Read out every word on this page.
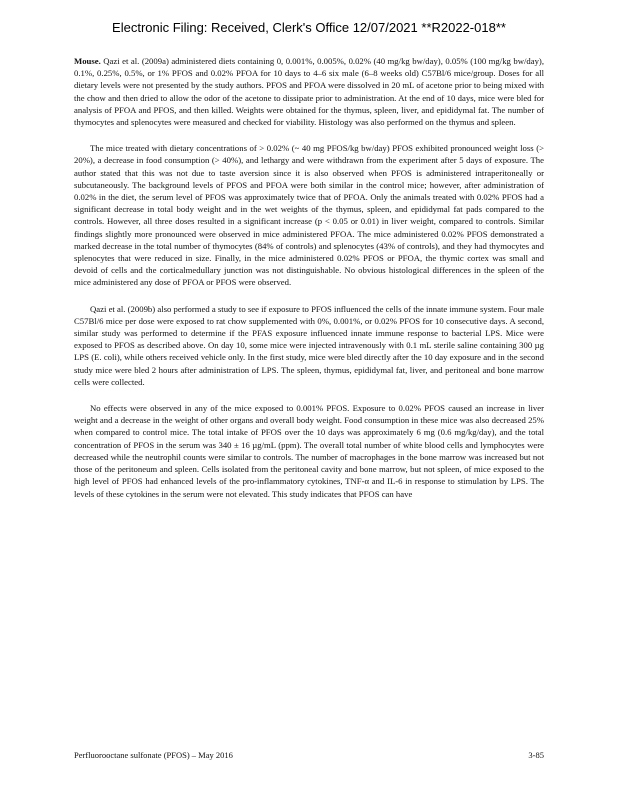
Electronic Filing: Received, Clerk's Office 12/07/2021 **R2022-018**

Mouse. Qazi et al. (2009a) administered diets containing 0, 0.001%, 0.005%, 0.02% (40 mg/kg bw/day), 0.05% (100 mg/kg bw/day), 0.1%, 0.25%, 0.5%, or 1% PFOS and 0.02% PFOA for 10 days to 4–6 six male (6–8 weeks old) C57Bl/6 mice/group. Doses for all dietary levels were not presented by the study authors. PFOS and PFOA were dissolved in 20 mL of acetone prior to being mixed with the chow and then dried to allow the odor of the acetone to dissipate prior to administration. At the end of 10 days, mice were bled for analysis of PFOA and PFOS, and then killed. Weights were obtained for the thymus, spleen, liver, and epididymal fat. The number of thymocytes and splenocytes were measured and checked for viability. Histology was also performed on the thymus and spleen.

The mice treated with dietary concentrations of > 0.02% (~ 40 mg PFOS/kg bw/day) PFOS exhibited pronounced weight loss (> 20%), a decrease in food consumption (> 40%), and lethargy and were withdrawn from the experiment after 5 days of exposure. The author stated that this was not due to taste aversion since it is also observed when PFOS is administered intraperitoneally or subcutaneously. The background levels of PFOS and PFOA were both similar in the control mice; however, after administration of 0.02% in the diet, the serum level of PFOS was approximately twice that of PFOA. Only the animals treated with 0.02% PFOS had a significant decrease in total body weight and in the wet weights of the thymus, spleen, and epididymal fat pads compared to the controls. However, all three doses resulted in a significant increase (p < 0.05 or 0.01) in liver weight, compared to controls. Similar findings slightly more pronounced were observed in mice administered PFOA. The mice administered 0.02% PFOS demonstrated a marked decrease in the total number of thymocytes (84% of controls) and splenocytes (43% of controls), and they had thymocytes and splenocytes that were reduced in size. Finally, in the mice administered 0.02% PFOS or PFOA, the thymic cortex was small and devoid of cells and the corticalmedullary junction was not distinguishable. No obvious histological differences in the spleen of the mice administered any dose of PFOA or PFOS were observed.

Qazi et al. (2009b) also performed a study to see if exposure to PFOS influenced the cells of the innate immune system. Four male C57Bl/6 mice per dose were exposed to rat chow supplemented with 0%, 0.001%, or 0.02% PFOS for 10 consecutive days. A second, similar study was performed to determine if the PFAS exposure influenced innate immune response to bacterial LPS. Mice were exposed to PFOS as described above. On day 10, some mice were injected intravenously with 0.1 mL sterile saline containing 300 µg LPS (E. coli), while others received vehicle only. In the first study, mice were bled directly after the 10 day exposure and in the second study mice were bled 2 hours after administration of LPS. The spleen, thymus, epididymal fat, liver, and peritoneal and bone marrow cells were collected.

No effects were observed in any of the mice exposed to 0.001% PFOS. Exposure to 0.02% PFOS caused an increase in liver weight and a decrease in the weight of other organs and overall body weight. Food consumption in these mice was also decreased 25% when compared to control mice. The total intake of PFOS over the 10 days was approximately 6 mg (0.6 mg/kg/day), and the total concentration of PFOS in the serum was 340 ± 16 µg/mL (ppm). The overall total number of white blood cells and lymphocytes were decreased while the neutrophil counts were similar to controls. The number of macrophages in the bone marrow was increased but not those of the peritoneum and spleen. Cells isolated from the peritoneal cavity and bone marrow, but not spleen, of mice exposed to the high level of PFOS had enhanced levels of the pro-inflammatory cytokines, TNF-α and IL-6 in response to stimulation by LPS. The levels of these cytokines in the serum were not elevated. This study indicates that PFOS can have

Perfluorooctane sulfonate (PFOS) – May 2016	3-85
